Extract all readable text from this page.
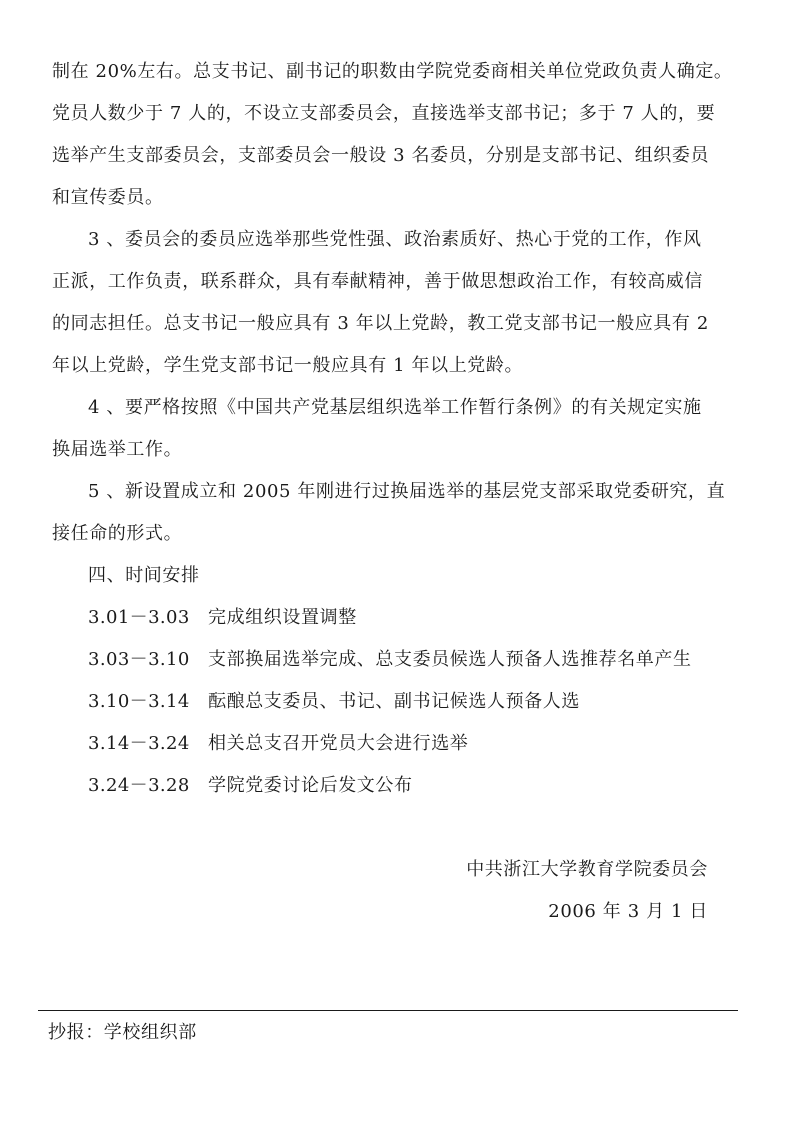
制在 20%左右。总支书记、副书记的职数由学院党委商相关单位党政负责人确定。
党员人数少于 7 人的，不设立支部委员会，直接选举支部书记；多于 7 人的，要
选举产生支部委员会，支部委员会一般设 3 名委员，分别是支部书记、组织委员
和宣传委员。
3 、委员会的委员应选举那些党性强、政治素质好、热心于党的工作，作风
正派，工作负责，联系群众，具有奉献精神，善于做思想政治工作，有较高威信
的同志担任。总支书记一般应具有 3 年以上党龄，教工党支部书记一般应具有 2
年以上党龄，学生党支部书记一般应具有 1 年以上党龄。
4 、要严格按照《中国共产党基层组织选举工作暂行条例》的有关规定实施
换届选举工作。
5 、新设置成立和 2005 年刚进行过换届选举的基层党支部采取党委研究，直
接任命的形式。
四、时间安排
3.01－3.03 完成组织设置调整
3.03－3.10 支部换届选举完成、总支委员候选人预备人选推荐名单产生
3.10－3.14 酝酿总支委员、书记、副书记候选人预备人选
3.14－3.24 相关总支召开党员大会进行选举
3.24－3.28 学院党委讨论后发文公布
中共浙江大学教育学院委员会
2006 年 3 月 1 日
抄报：学校组织部
